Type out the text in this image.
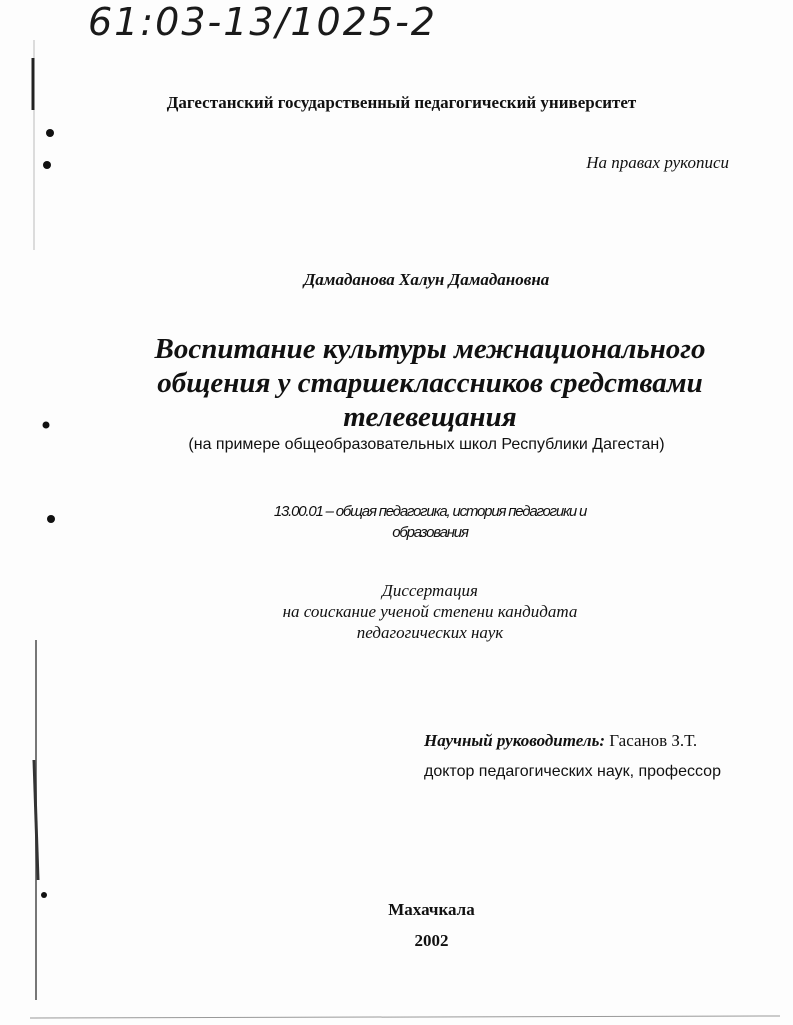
61:03-13/1025-2
Дагестанский государственный педагогический университет
На правах рукописи
Дамаданова Халун Дамадановна
Воспитание культуры межнационального
общения у старшеклассников средствами
телевещания
(на примере общеобразовательных школ Республики Дагестан)
13.00.01 – общая педагогика, история педагогики и
образования
Диссертация
на соискание ученой степени кандидата
педагогических наук
Научный руководитель: Гасанов З.Т.
доктор педагогических наук, профессор
Махачкала
2002
